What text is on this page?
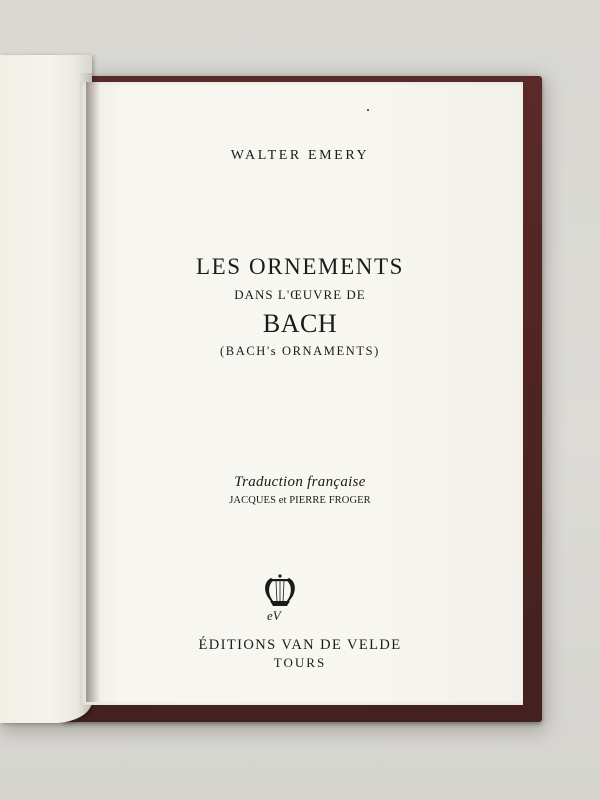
WALTER EMERY
LES ORNEMENTS
DANS L'ŒUVRE DE
BACH
(BACH's ORNAMENTS)
Traduction française
JACQUES et PIERRE FROGER
eV
ÉDITIONS VAN DE VELDE
TOURS
